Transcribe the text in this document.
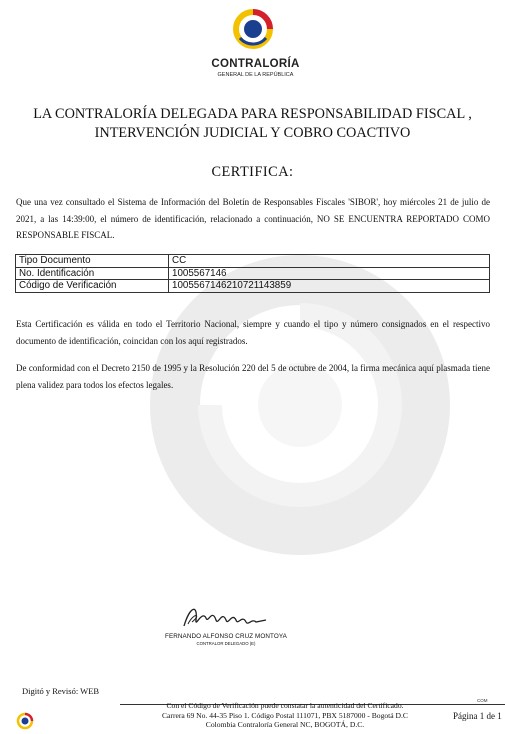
CONTRALORÍA
GENERAL DE LA REPÚBLICA
LA CONTRALORÍA DELEGADA PARA RESPONSABILIDAD FISCAL ,
INTERVENCIÓN JUDICIAL Y COBRO COACTIVO
CERTIFICA:
Que una vez consultado el Sistema de Información del Boletín de Responsables Fiscales 'SIBOR', hoy miércoles 21 de julio de 2021, a las 14:39:00, el número de identificación, relacionado a continuación, NO SE ENCUENTRA REPORTADO COMO RESPONSABLE FISCAL.
Tipo Documento	CC
No. Identificación	1005567146
Código de Verificación	10055671462107211438​59
Esta Certificación es válida en todo el Territorio Nacional, siempre y cuando el tipo y número consignados en el respectivo documento de identificación, coincidan con los aquí registrados.
De conformidad con el Decreto 2150 de 1995 y la Resolución 220 del 5 de octubre de 2004, la firma mecánica aquí plasmada tiene plena validez para todos los efectos legales.
FERNANDO ALFONSO CRUZ MONTOYA
CONTRALOR DELEGADO (E)
Digitó y Revisó: WEB
COM
Con el Código de Verificación puede constatar la autenticidad del Certificado.
Carrera 69 No. 44-35 Piso 1. Código Postal 111071, PBX 5187000 - Bogotá D.C
Colombia Contraloría General NC, BOGOTÁ, D.C.
Página 1 de 1
